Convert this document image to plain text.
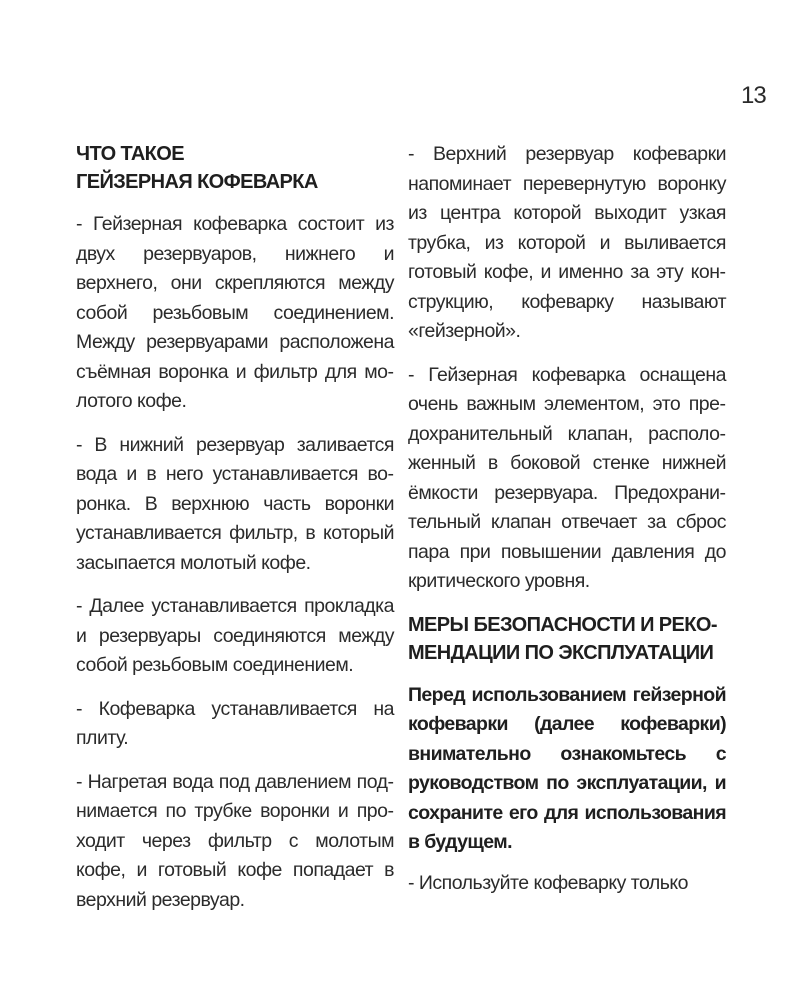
13
ЧТО ТАКОЕ
ГЕЙЗЕРНАЯ КОФЕВАРКА

- Гейзерная кофеварка состоит из двух резервуаров, нижнего и верхнего, они скрепляются между собой резьбовым соединением. Между резервуарами расположена съёмная воронка и фильтр для молотого кофе.

- В нижний резервуар заливается вода и в него устанавливается воронка. В верхнюю часть воронки устанавливается фильтр, в который засыпается молотый кофе.

- Далее устанавливается прокладка и резервуары соединяются между собой резьбовым соединением.

- Кофеварка устанавливается на плиту.

- Нагретая вода под давлением поднимается по трубке воронки и проходит через фильтр с молотым кофе, и готовый кофе попадает в верхний резервуар.

- Верхний резервуар кофеварки напоминает перевернутую воронку из центра которой выходит узкая трубка, из которой и выливается готовый кофе, и именно за эту конструкцию, кофеварку называют «гейзерной».

- Гейзерная кофеварка оснащена очень важным элементом, это предохранительный клапан, расположенный в боковой стенке нижней ёмкости резервуара. Предохранительный клапан отвечает за сброс пара при повышении давления до критического уровня.

МЕРЫ БЕЗОПАСНОСТИ И РЕКО-
МЕНДАЦИИ ПО ЭКСПЛУАТАЦИИ

Перед использованием гейзерной кофеварки (далее кофеварки) внимательно ознакомьтесь с руководством по эксплуатации, и сохраните его для использования в будущем.

- Используйте кофеварку только
